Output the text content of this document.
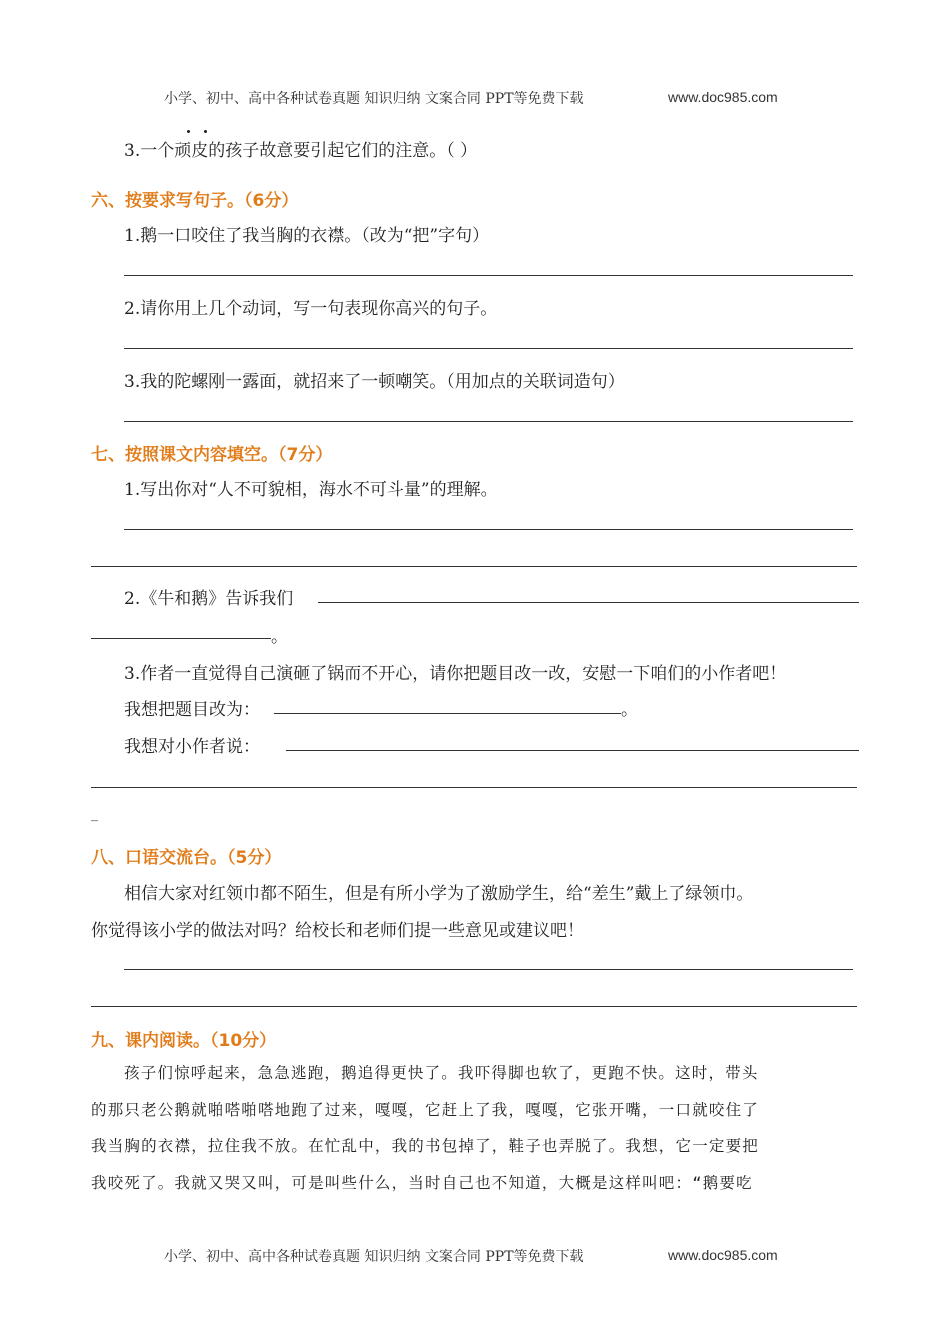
小学、初中、高中各种试卷真题 知识归纳 文案合同 PPT等免费下载	www.doc985.com
3.一个顽皮的孩子故意要引起它们的注意。（ ）
六、按要求写句子。（6分）
1.鹅一口咬住了我当胸的衣襟。（改为“把”字句）
2.请你用上几个动词，写一句表现你高兴的句子。
3.我的陀螺刚一露面，就招来了一顿嘲笑。（用加点的关联词造句）
七、按照课文内容填空。（7分）
1.写出你对“人不可貌相，海水不可斗量”的理解。
2.《牛和鹅》告诉我们
。
3.作者一直觉得自己演砸了锅而不开心，请你把题目改一改，安慰一下咱们的小作者吧！
我想把题目改为：	。
我想对小作者说：
_
八、口语交流台。（5分）
相信大家对红领巾都不陌生，但是有所小学为了激励学生，给“差生”戴上了绿领巾。
你觉得该小学的做法对吗？给校长和老师们提一些意见或建议吧！
九、课内阅读。（10分）
孩子们惊呼起来，急急逃跑，鹅追得更快了。我吓得脚也软了，更跑不快。这时，带头
的那只老公鹅就啪嗒啪嗒地跑了过来，嘎嘎，它赶上了我，嘎嘎，它张开嘴，一口就咬住了
我当胸的衣襟，拉住我不放。在忙乱中，我的书包掉了，鞋子也弄脱了。我想，它一定要把
我咬死了。我就又哭又叫，可是叫些什么，当时自己也不知道，大概是这样叫吧：“鹅要吃
小学、初中、高中各种试卷真题 知识归纳 文案合同 PPT等免费下载	www.doc985.com
